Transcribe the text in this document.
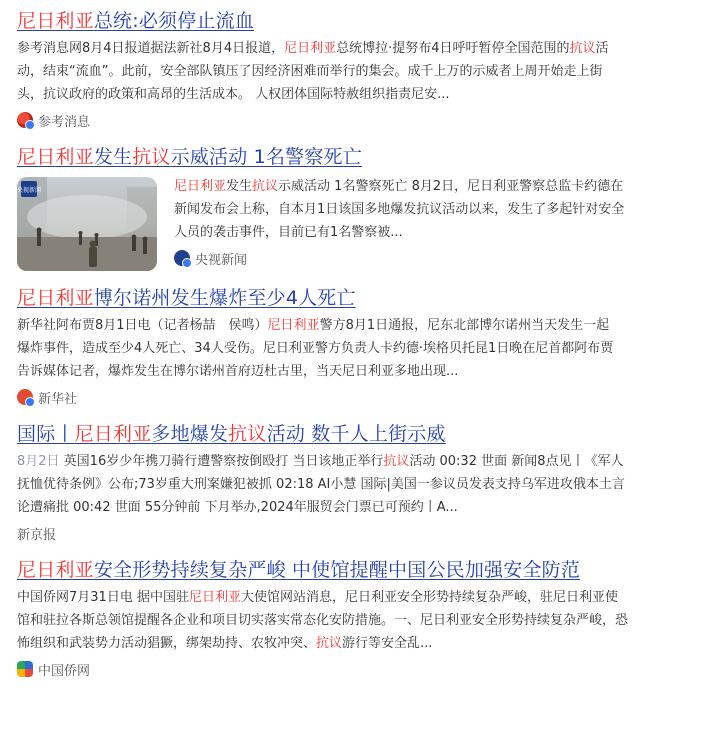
尼日利亚总统:必须停止流血
参考消息网8月4日报道据法新社8月4日报道，尼日利亚总统博拉·提努布4日呼吁暂停全国范围的抗议活动，结束“流血”。此前，安全部队镇压了因经济困难而举行的集会。成千上万的示威者上周开始走上街头，抗议政府的政策和高昂的生活成本。 人权团体国际特赦组织指责尼安...
参考消息
尼日利亚发生抗议示威活动 1名警察死亡
央视新闻	尼日利亚发生抗议示威活动 1名警察死亡 8月2日，尼日利亚警察总监卡约德在新闻发布会上称，自本月1日该国多地爆发抗议活动以来，发生了多起针对安全人员的袭击事件，目前已有1名警察被...
央视新闻
尼日利亚博尔诺州发生爆炸至少4人死亡
新华社阿布贾8月1日电（记者杨喆　侯鸣）尼日利亚警方8月1日通报，尼东北部博尔诺州当天发生一起爆炸事件，造成至少4人死亡、34人受伤。尼日利亚警方负责人卡约德·埃格贝托昆1日晚在尼首都阿布贾告诉媒体记者，爆炸发生在博尔诺州首府迈杜古里，当天尼日利亚多地出现...
新华社
国际丨尼日利亚多地爆发抗议活动 数千人上街示威
8月2日 英国16岁少年携刀骑行遭警察按倒殴打 当日该地正举行抗议活动 00:32 世面 新闻8点见丨《军人抚恤优待条例》公布;73岁重大刑案嫌犯被抓 02:18 AI小慧 国际|美国一参议员发表支持乌军进攻俄本土言论遭痛批 00:42 世面 55分钟前 下月举办,2024年服贸会门票已可预约丨A...
新京报
尼日利亚安全形势持续复杂严峻 中使馆提醒中国公民加强安全防范
中国侨网7月31日电 据中国驻尼日利亚大使馆网站消息，尼日利亚安全形势持续复杂严峻，驻尼日利亚使馆和驻拉各斯总领馆提醒各企业和项目切实落实常态化安防措施。一、尼日利亚安全形势持续复杂严峻，恐怖组织和武装势力活动猖獗，绑架劫持、农牧冲突、抗议游行等安全乱...
中国侨网
